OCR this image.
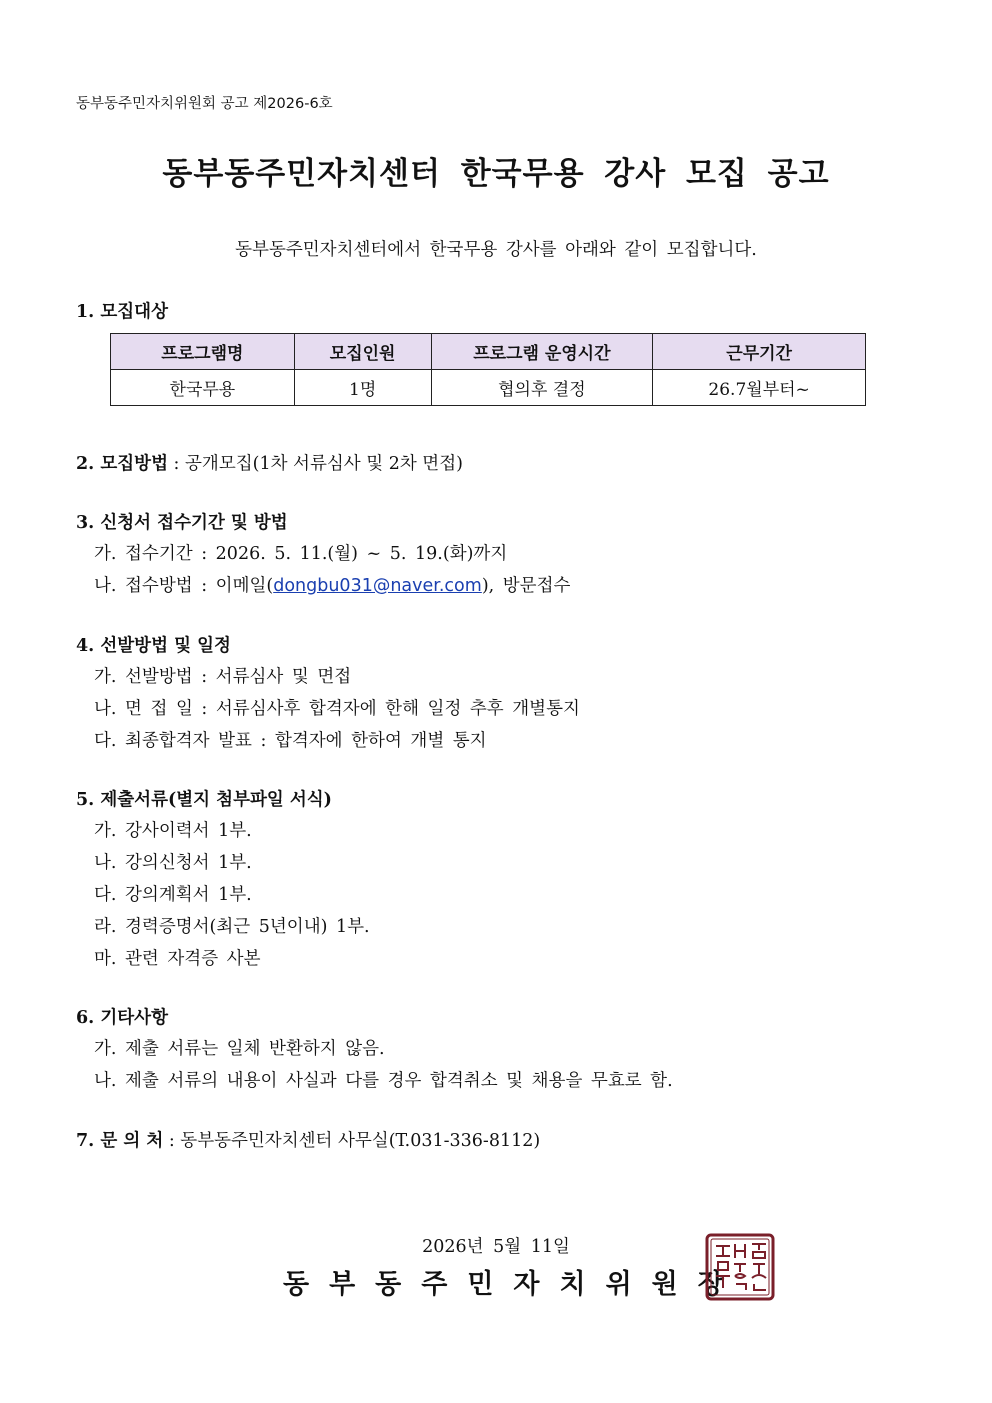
동부동주민자치위원회 공고 제2026-6호
동부동주민자치센터 한국무용 강사 모집 공고
동부동주민자치센터에서 한국무용 강사를 아래와 같이 모집합니다.
1. 모집대상
프로그램명	모집인원	프로그램 운영시간	근무기간
한국무용	1명	협의후 결정	26.7월부터~
2. 모집방법 : 공개모집(1차 서류심사 및 2차 면접)
3. 신청서 접수기간 및 방법
가. 접수기간 : 2026. 5. 11.(월) ~ 5. 19.(화)까지
나. 접수방법 : 이메일(dongbu031@naver.com), 방문접수
4. 선발방법 및 일정
가. 선발방법 : 서류심사 및 면접
나. 면 접 일 : 서류심사후 합격자에 한해 일정 추후 개별통지
다. 최종합격자 발표 : 합격자에 한하여 개별 통지
5. 제출서류(별지 첨부파일 서식)
가. 강사이력서 1부.
나. 강의신청서 1부.
다. 강의계획서 1부.
라. 경력증명서(최근 5년이내) 1부.
마. 관련 자격증 사본
6. 기타사항
가. 제출 서류는 일체 반환하지 않음.
나. 제출 서류의 내용이 사실과 다를 경우 합격취소 및 채용을 무효로 함.
7. 문 의 처 : 동부동주민자치센터 사무실(T.031-336-8112)
2026년 5월 11일
동부동주민자치위원장
